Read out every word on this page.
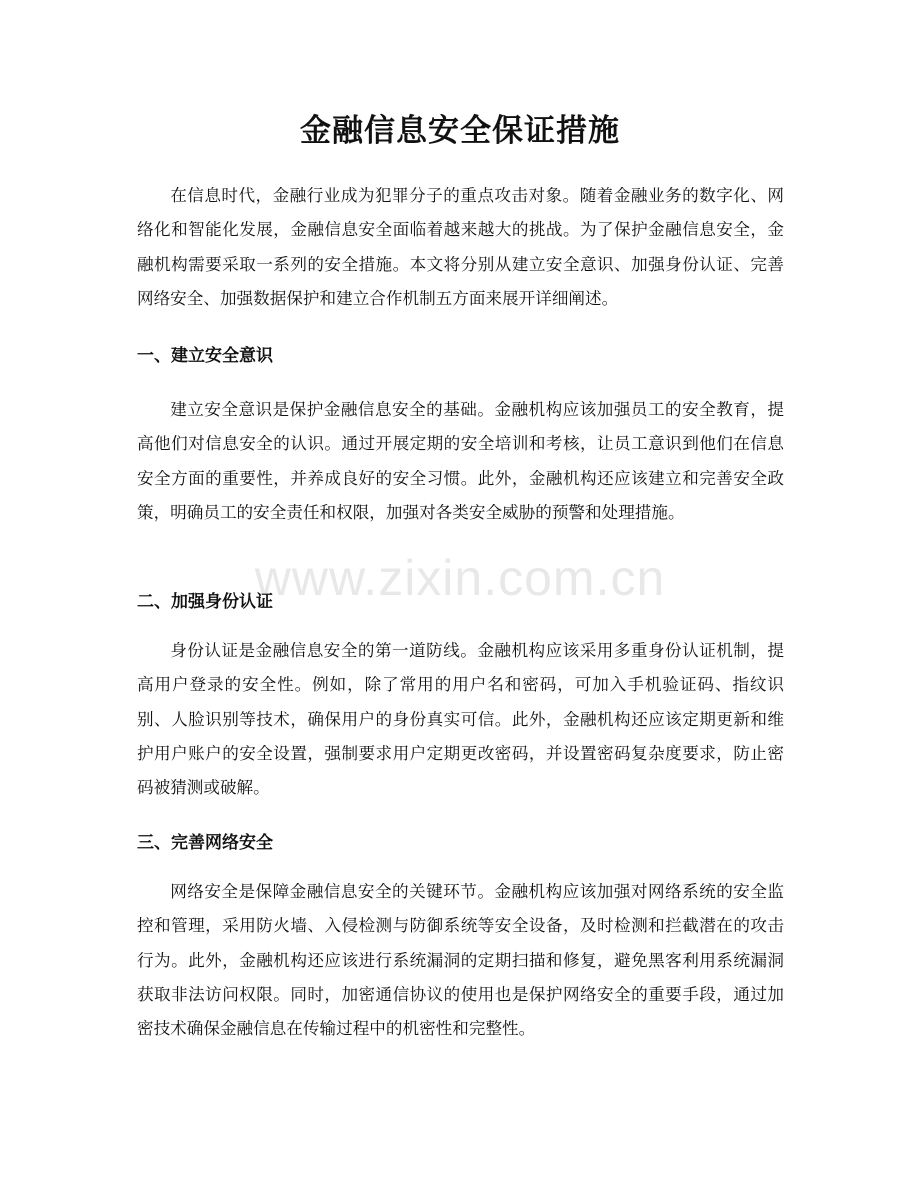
金融信息安全保证措施

在信息时代，金融行业成为犯罪分子的重点攻击对象。随着金融业务的数字化、网络化和智能化发展，金融信息安全面临着越来越大的挑战。为了保护金融信息安全，金融机构需要采取一系列的安全措施。本文将分别从建立安全意识、加强身份认证、完善网络安全、加强数据保护和建立合作机制五方面来展开详细阐述。

一、建立安全意识

建立安全意识是保护金融信息安全的基础。金融机构应该加强员工的安全教育，提高他们对信息安全的认识。通过开展定期的安全培训和考核，让员工意识到他们在信息安全方面的重要性，并养成良好的安全习惯。此外，金融机构还应该建立和完善安全政策，明确员工的安全责任和权限，加强对各类安全威胁的预警和处理措施。

二、加强身份认证

身份认证是金融信息安全的第一道防线。金融机构应该采用多重身份认证机制，提高用户登录的安全性。例如，除了常用的用户名和密码，可加入手机验证码、指纹识别、人脸识别等技术，确保用户的身份真实可信。此外，金融机构还应该定期更新和维护用户账户的安全设置，强制要求用户定期更改密码，并设置密码复杂度要求，防止密码被猜测或破解。

三、完善网络安全

网络安全是保障金融信息安全的关键环节。金融机构应该加强对网络系统的安全监控和管理，采用防火墙、入侵检测与防御系统等安全设备，及时检测和拦截潜在的攻击行为。此外，金融机构还应该进行系统漏洞的定期扫描和修复，避免黑客利用系统漏洞获取非法访问权限。同时，加密通信协议的使用也是保护网络安全的重要手段，通过加密技术确保金融信息在传输过程中的机密性和完整性。

www.zixin.com.cn
